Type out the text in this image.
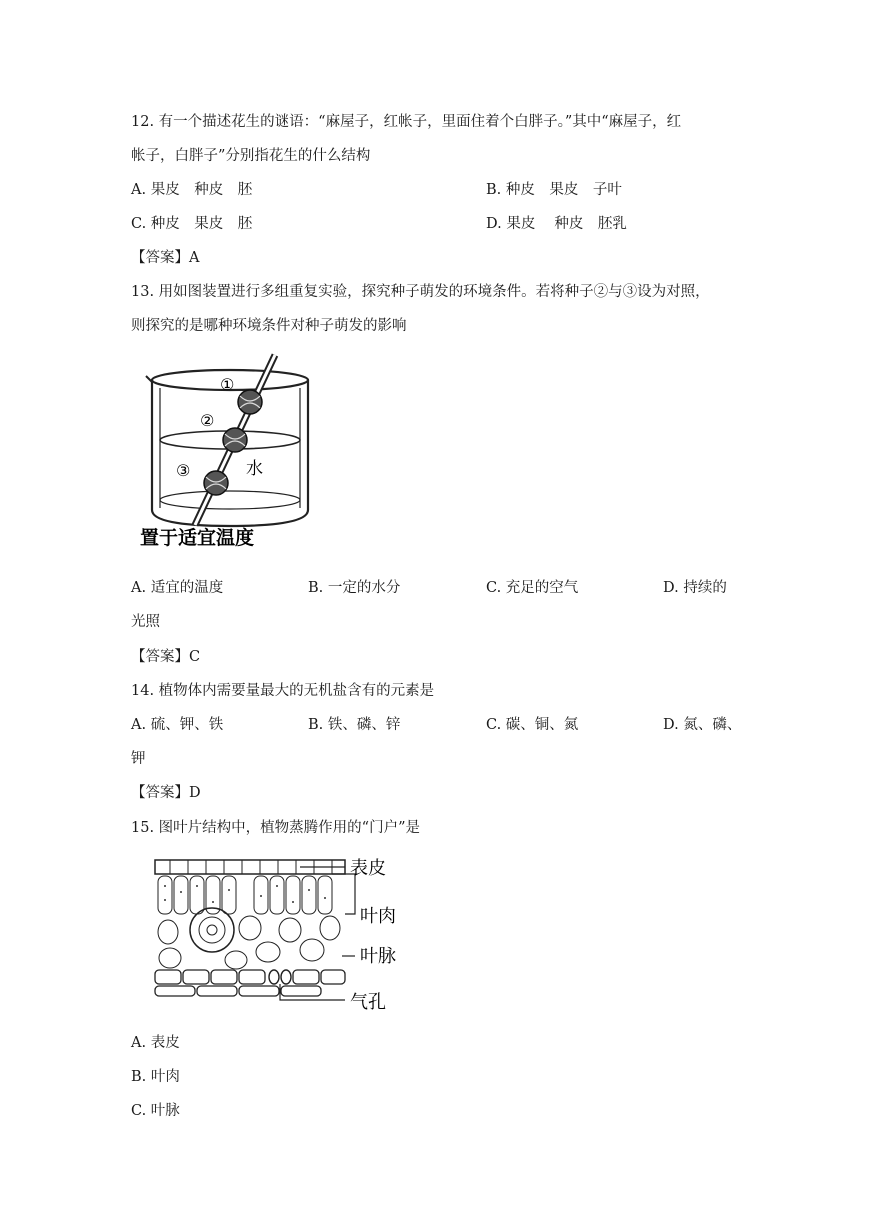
12. 有一个描述花生的谜语：“麻屋子，红帐子，里面住着个白胖子。”其中“麻屋子，红
帐子，白胖子”分别指花生的什么结构
A. 果皮　种皮　胚	B. 种皮　果皮　子叶
C. 种皮　果皮　胚	D. 果皮　 种皮　胚乳
【答案】A
13. 用如图装置进行多组重复实验，探究种子萌发的环境条件。若将种子②与③设为对照，
则探究的是哪种环境条件对种子萌发的影响
①
②
③	水
置于适宜温度
A. 适宜的温度	B. 一定的水分	C. 充足的空气	D. 持续的
光照
【答案】C
14. 植物体内需要量最大的无机盐含有的元素是
A. 硫、钾、铁	B. 铁、磷、锌	C. 碳、铜、氮	D. 氮、磷、
钾
【答案】D
15. 图叶片结构中，植物蒸腾作用的“门户”是
表皮
叶肉
叶脉
气孔
A. 表皮
B. 叶肉
C. 叶脉
